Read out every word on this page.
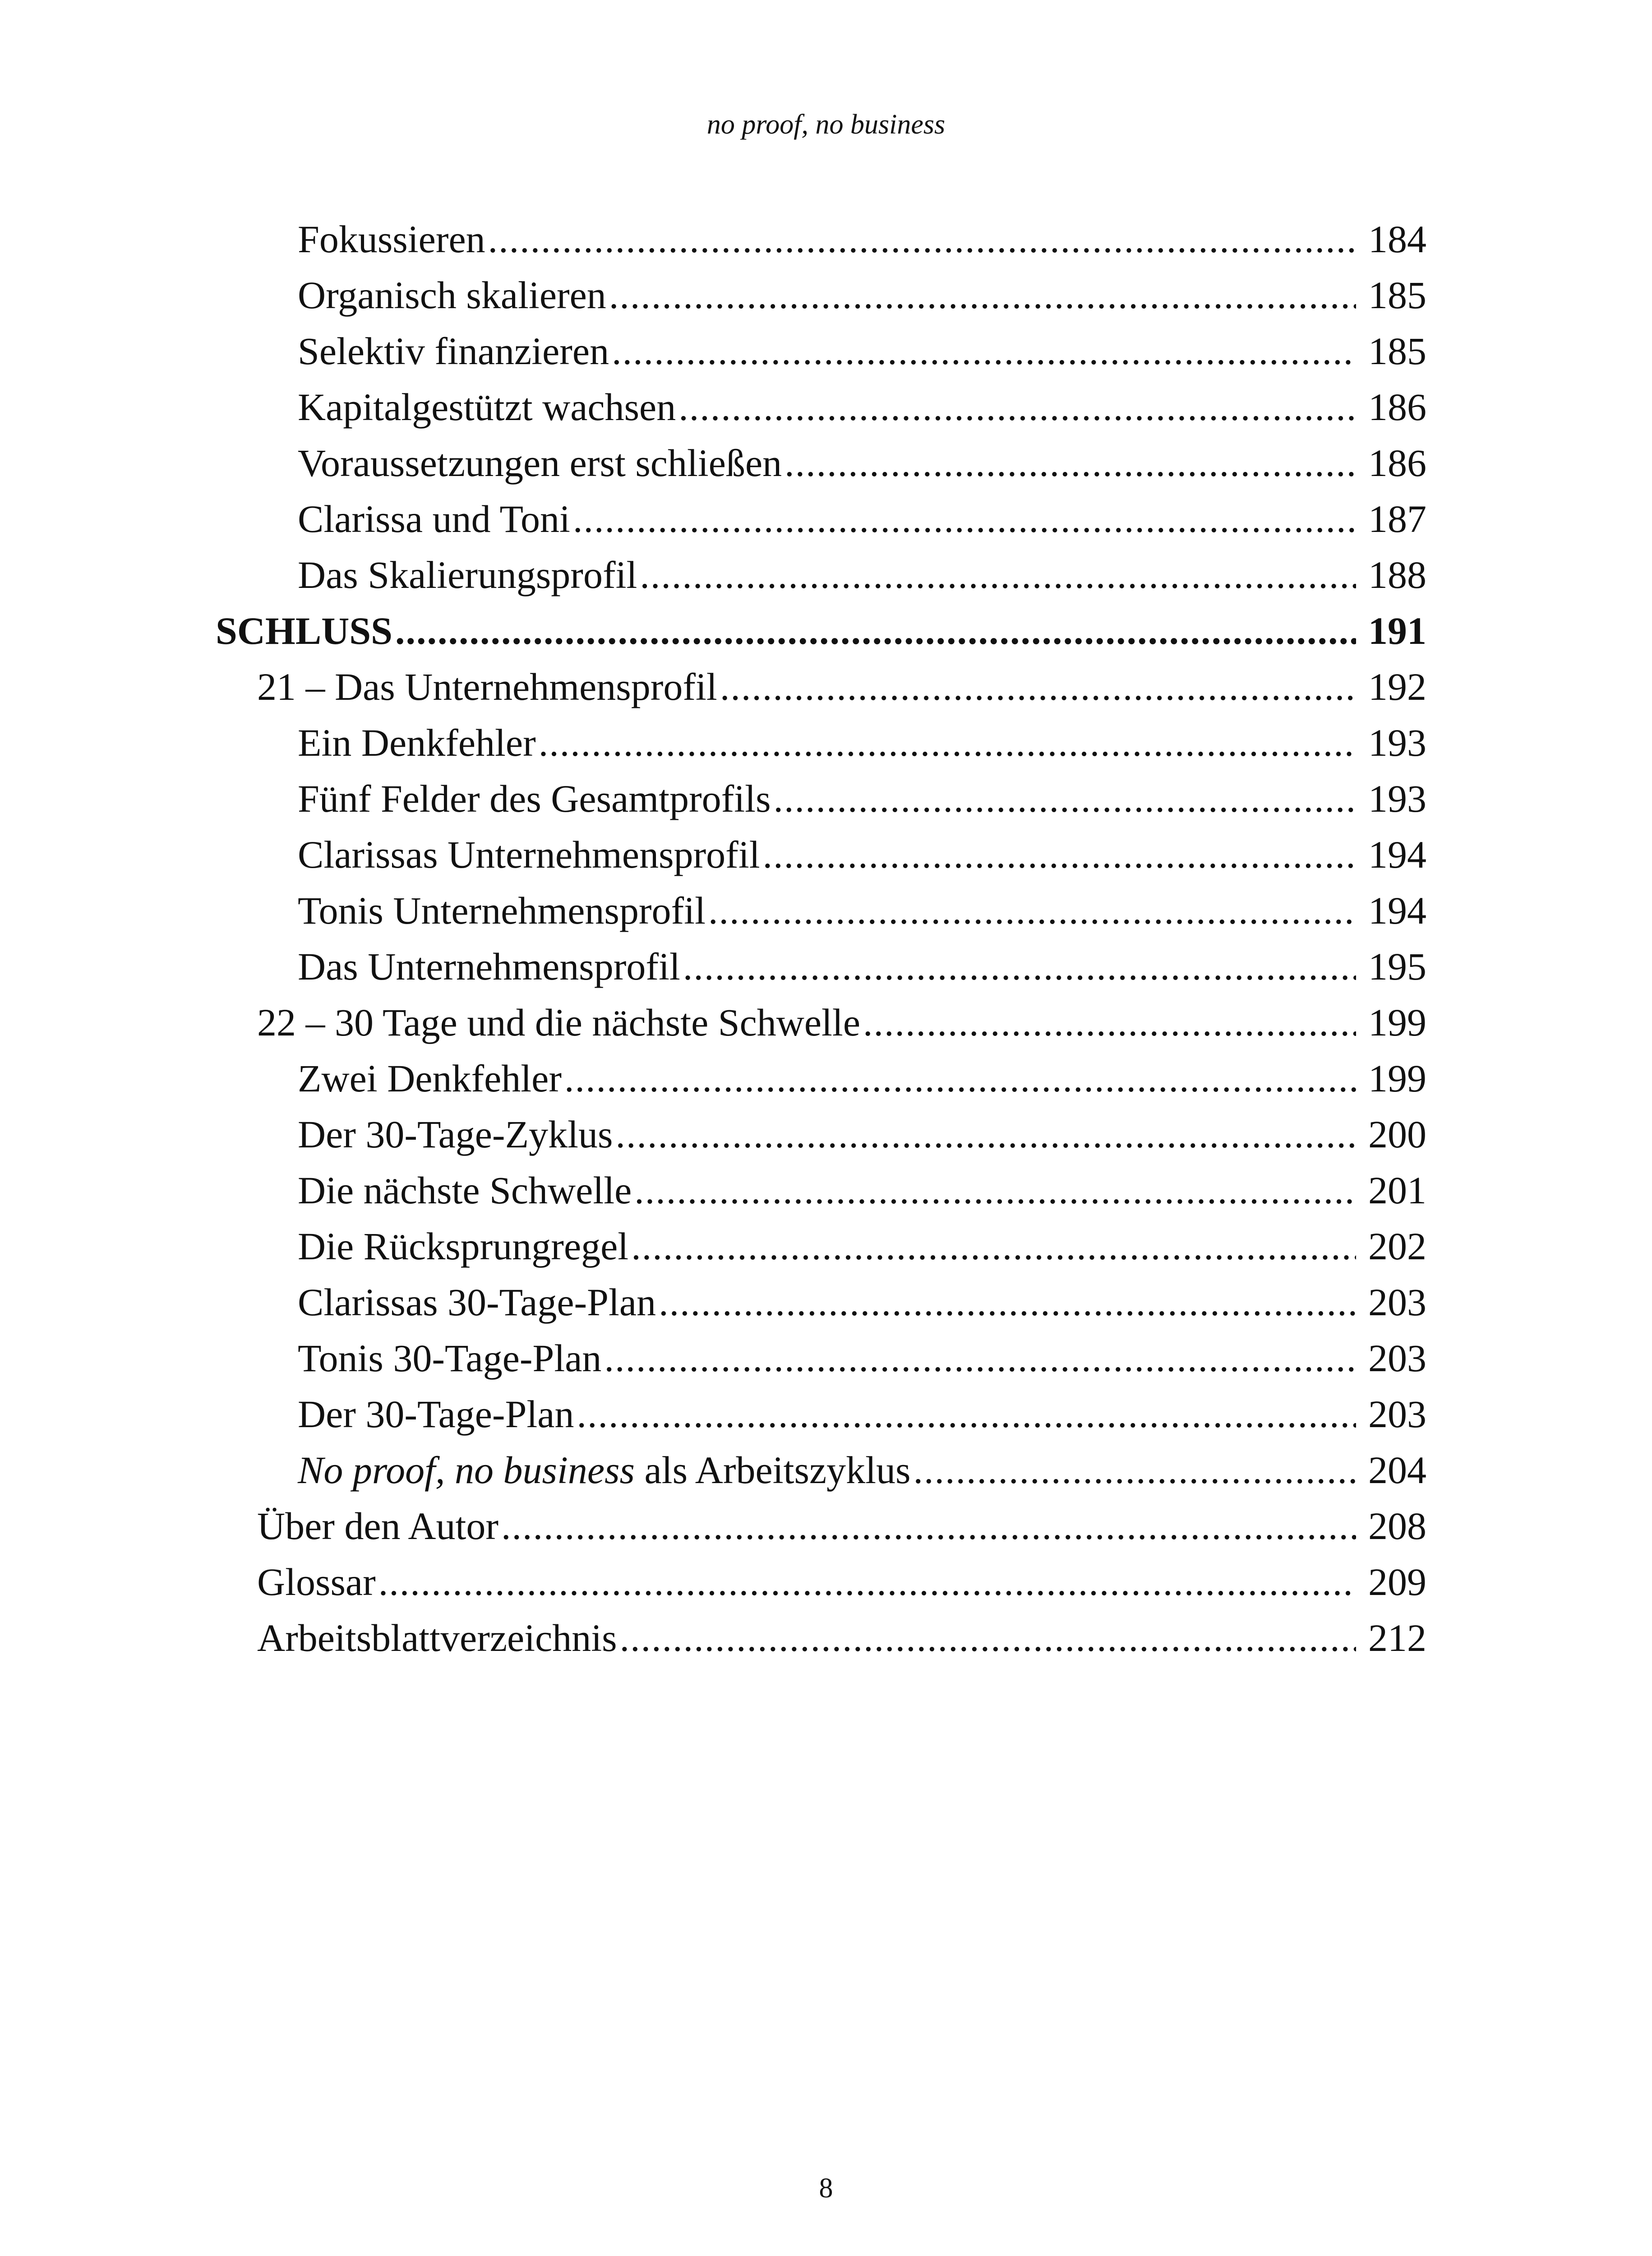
no proof, no business
Fokussieren .....	184
Organisch skalieren .....	185
Selektiv finanzieren .....	185
Kapitalgestützt wachsen .....	186
Voraussetzungen erst schließen .....	186
Clarissa und Toni .....	187
Das Skalierungsprofil .....	188
SCHLUSS .....	191
21 – Das Unternehmensprofil .....	192
Ein Denkfehler .....	193
Fünf Felder des Gesamtprofils .....	193
Clarissas Unternehmensprofil .....	194
Tonis Unternehmensprofil .....	194
Das Unternehmensprofil .....	195
22 – 30 Tage und die nächste Schwelle .....	199
Zwei Denkfehler .....	199
Der 30-Tage-Zyklus .....	200
Die nächste Schwelle .....	201
Die Rücksprungregel .....	202
Clarissas 30-Tage-Plan .....	203
Tonis 30-Tage-Plan .....	203
Der 30-Tage-Plan .....	203
No proof, no business als Arbeitszyklus .....	204
Über den Autor .....	208
Glossar .....	209
Arbeitsblattverzeichnis .....	212
8
